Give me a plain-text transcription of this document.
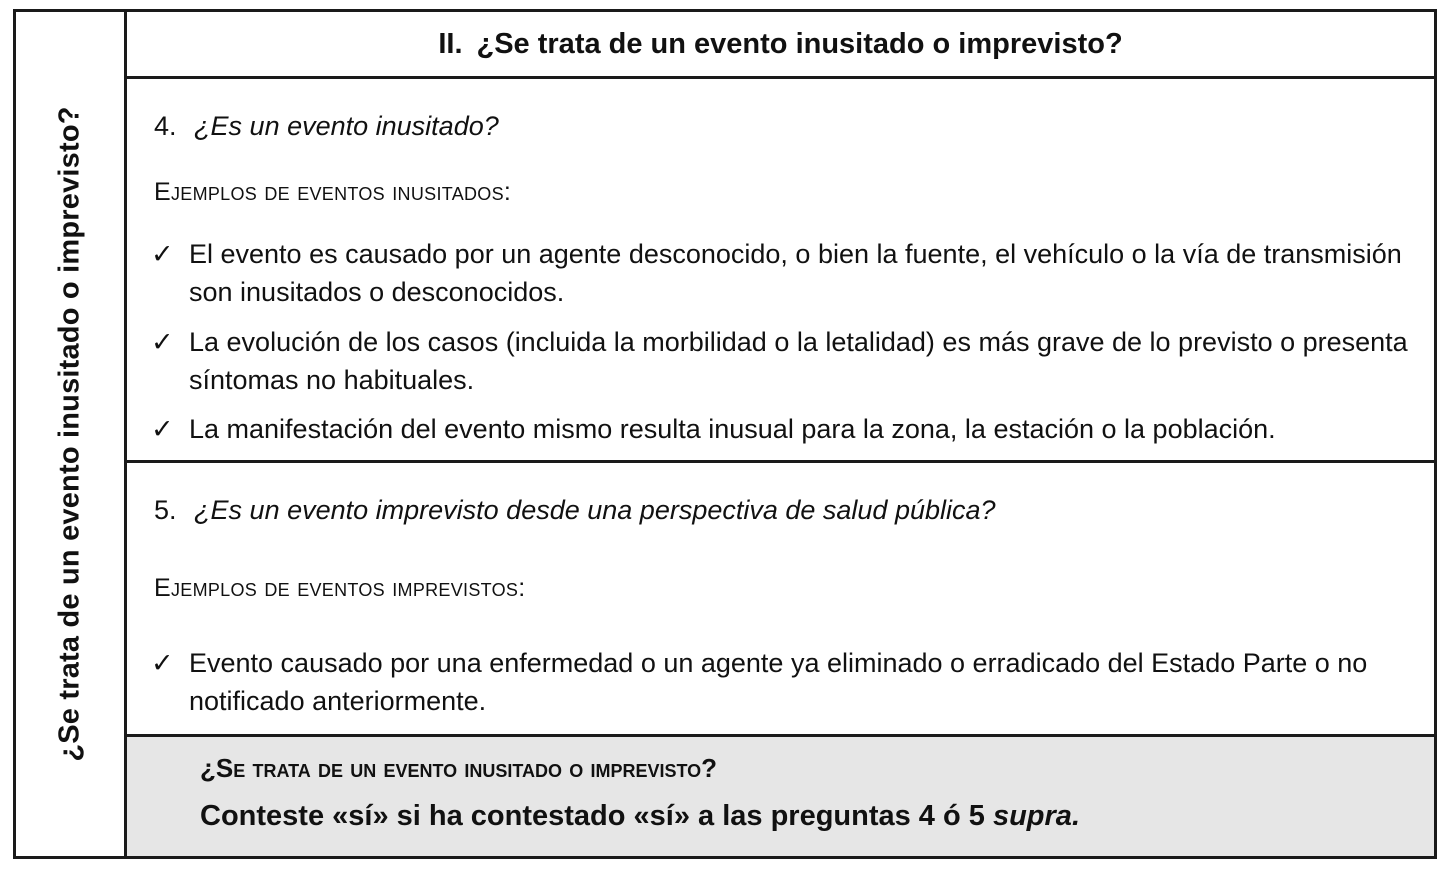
¿Se trata de un evento inusitado o imprevisto?
II. ¿Se trata de un evento inusitado o imprevisto?
4. ¿Es un evento inusitado?
Ejemplos de eventos inusitados:
✓ El evento es causado por un agente desconocido, o bien la fuente, el vehículo o la vía de transmisión son inusitados o desconocidos.
✓ La evolución de los casos (incluida la morbilidad o la letalidad) es más grave de lo previsto o presenta síntomas no habituales.
✓ La manifestación del evento mismo resulta inusual para la zona, la estación o la población.
5. ¿Es un evento imprevisto desde una perspectiva de salud pública?
Ejemplos de eventos imprevistos:
✓ Evento causado por una enfermedad o un agente ya eliminado o erradicado del Estado Parte o no notificado anteriormente.
¿Se trata de un evento inusitado o imprevisto?
Conteste «sí» si ha contestado «sí» a las preguntas 4 ó 5 supra.
